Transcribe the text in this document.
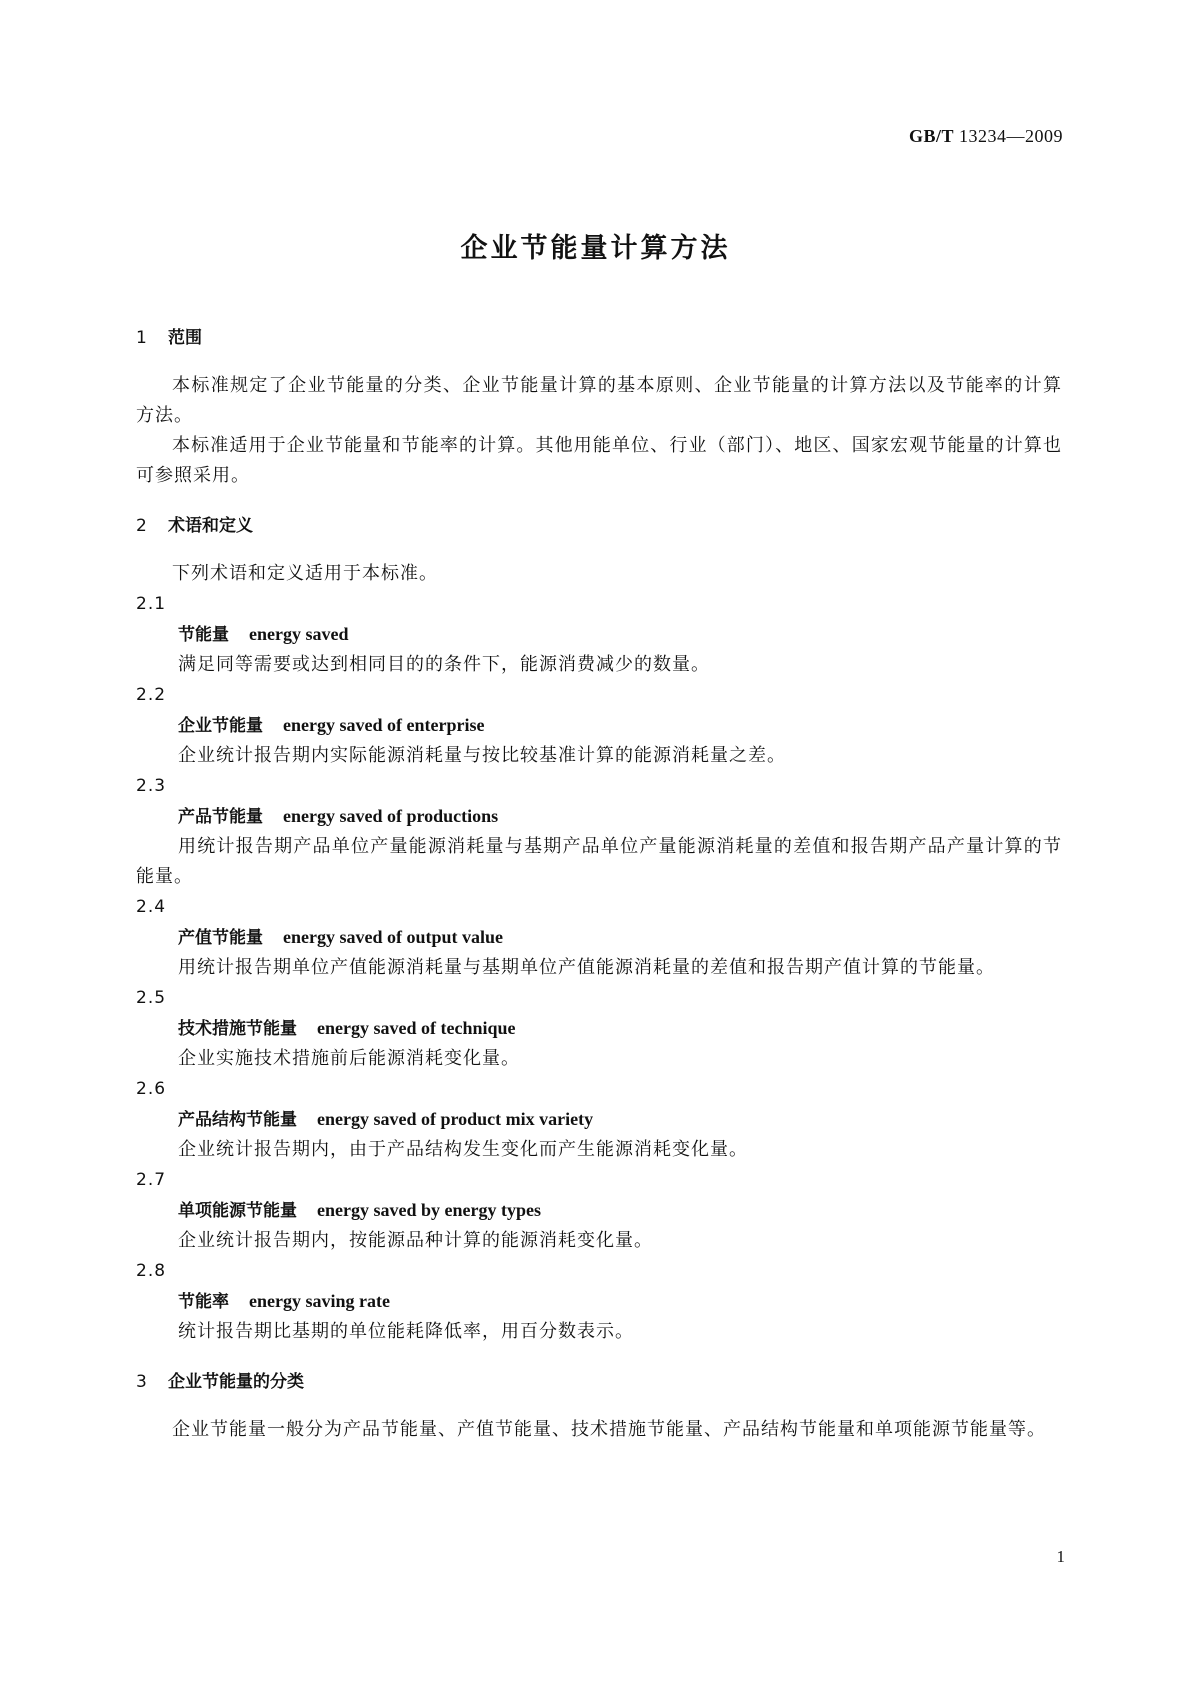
GB/T 13234—2009
企业节能量计算方法

1 范围

本标准规定了企业节能量的分类、企业节能量计算的基本原则、企业节能量的计算方法以及节能率的计算方法。

本标准适用于企业节能量和节能率的计算。其他用能单位、行业（部门）、地区、国家宏观节能量的计算也可参照采用。

2 术语和定义

下列术语和定义适用于本标准。

2.1

节能量 energy saved

满足同等需要或达到相同目的的条件下，能源消费减少的数量。

2.2

企业节能量 energy saved of enterprise

企业统计报告期内实际能源消耗量与按比较基准计算的能源消耗量之差。

2.3

产品节能量 energy saved of productions

用统计报告期产品单位产量能源消耗量与基期产品单位产量能源消耗量的差值和报告期产品产量计算的节能量。

2.4

产值节能量 energy saved of output value

用统计报告期单位产值能源消耗量与基期单位产值能源消耗量的差值和报告期产值计算的节能量。

2.5

技术措施节能量 energy saved of technique

企业实施技术措施前后能源消耗变化量。

2.6

产品结构节能量 energy saved of product mix variety

企业统计报告期内，由于产品结构发生变化而产生能源消耗变化量。

2.7

单项能源节能量 energy saved by energy types

企业统计报告期内，按能源品种计算的能源消耗变化量。

2.8

节能率 energy saving rate

统计报告期比基期的单位能耗降低率，用百分数表示。

3 企业节能量的分类

企业节能量一般分为产品节能量、产值节能量、技术措施节能量、产品结构节能量和单项能源节能量等。

1
